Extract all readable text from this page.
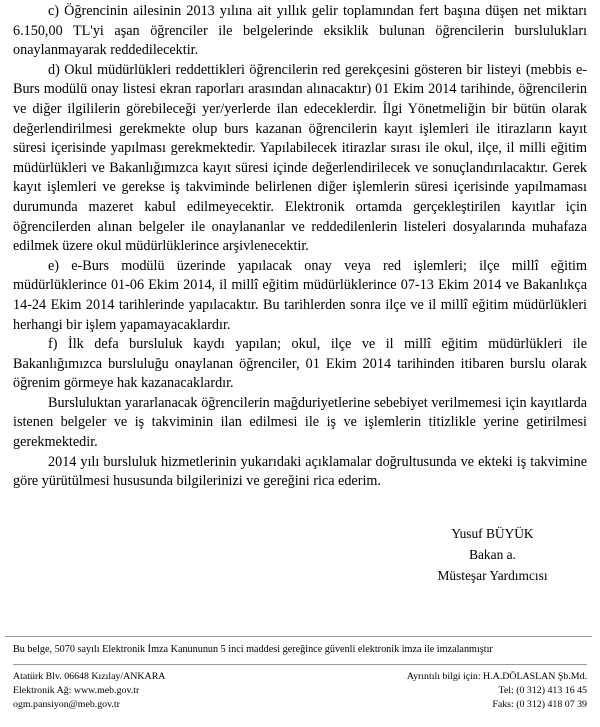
c) Öğrencinin ailesinin 2013 yılına ait yıllık gelir toplamından fert başına düşen net miktarı 6.150,00 TL'yi aşan öğrenciler ile belgelerinde eksiklik bulunan öğrencilerin burslulukları onaylanmayarak reddedilecektir.

d) Okul müdürlükleri reddettikleri öğrencilerin red gerekçesini gösteren bir listeyi (mebbis e-Burs modülü onay listesi ekran raporları arasından alınacaktır) 01 Ekim 2014 tarihinde, öğrencilerin ve diğer ilgililerin görebileceği yer/yerlerde ilan edeceklerdir. İlgi Yönetmeliğin bir bütün olarak değerlendirilmesi gerekmekte olup burs kazanan öğrencilerin kayıt işlemleri ile itirazların kayıt süresi içerisinde yapılması gerekmektedir. Yapılabilecek itirazlar sırası ile okul, ilçe, il milli eğitim müdürlükleri ve Bakanlığımızca kayıt süresi içinde değerlendirilecek ve sonuçlandırılacaktır. Gerek kayıt işlemleri ve gerekse iş takviminde belirlenen diğer işlemlerin süresi içerisinde yapılmaması durumunda mazeret kabul edilmeyecektir. Elektronik ortamda gerçekleştirilen kayıtlar için öğrencilerden alınan belgeler ile onaylananlar ve reddedilenlerin listeleri dosyalarında muhafaza edilmek üzere okul müdürlüklerince arşivlenecektir.

e) e-Burs modülü üzerinde yapılacak onay veya red işlemleri; ilçe millî eğitim müdürlüklerince 01-06 Ekim 2014, il millî eğitim müdürlüklerince 07-13 Ekim 2014 ve Bakanlıkça 14-24 Ekim 2014 tarihlerinde yapılacaktır. Bu tarihlerden sonra ilçe ve il millî eğitim müdürlükleri herhangi bir işlem yapamayacaklardır.

f) İlk defa bursluluk kaydı yapılan; okul, ilçe ve il millî eğitim müdürlükleri ile Bakanlığımızca bursluluğu onaylanan öğrenciler, 01 Ekim 2014 tarihinden itibaren burslu olarak öğrenim görmeye hak kazanacaklardır.

Bursluluktan yararlanacak öğrencilerin mağduriyetlerine sebebiyet verilmemesi için kayıtlarda istenen belgeler ve iş takviminin ilan edilmesi ile iş ve işlemlerin titizlikle yerine getirilmesi gerekmektedir.

2014 yılı bursluluk hizmetlerinin yukarıdaki açıklamalar doğrultusunda ve ekteki iş takvimine göre yürütülmesi hususunda bilgilerinizi ve gereğini rica ederim.

Yusuf BÜYÜK
Bakan a.
Müsteşar Yardımcısı
Bu belge, 5070 sayılı Elektronik İmza Kanununun 5 inci maddesi gereğince güvenli elektronik imza ile imzalanmıştır
Atatürk Blv. 06648 Kızılay/ANKARA
Elektronik Ağ: www.meb.gov.tr
ogm.pansiyon@meb.gov.tr
Ayrıntılı bilgi için: H.A.DÖLASLAN Şb.Md.
Tel: (0 312) 413 16 45
Faks: (0 312) 418 07 39
